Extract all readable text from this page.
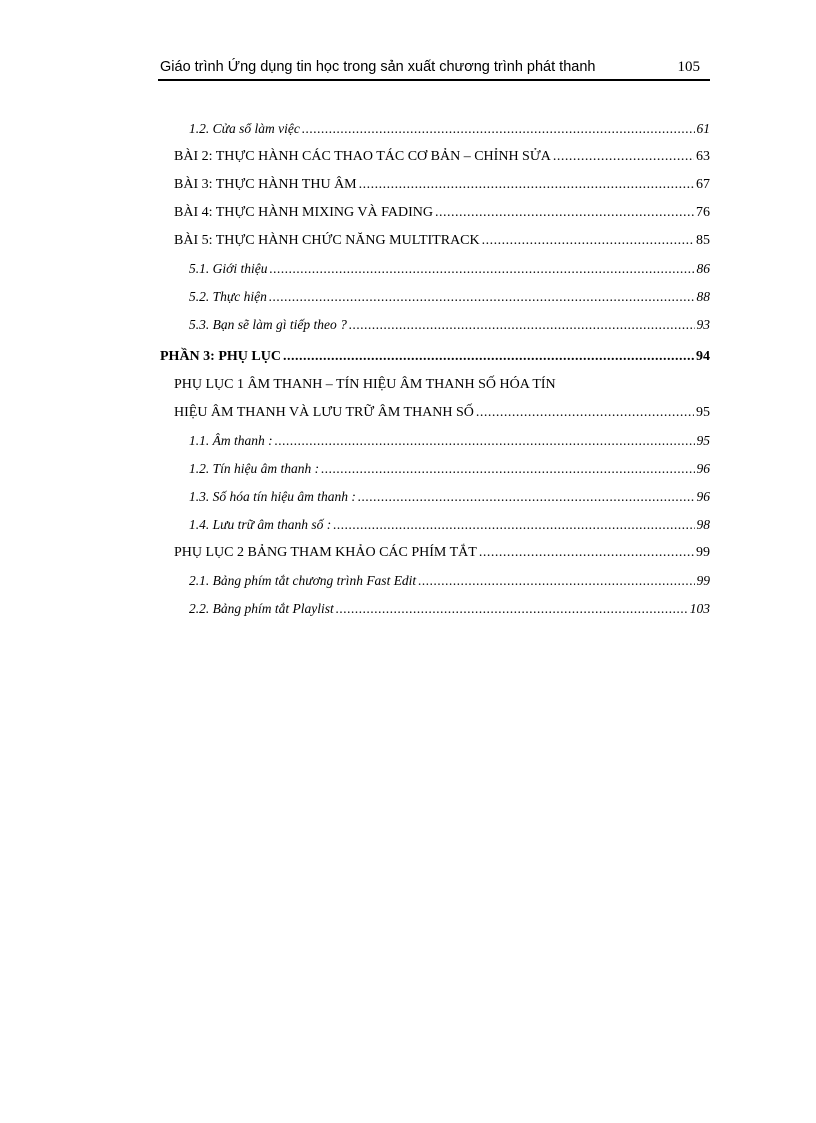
Giáo trình Ứng dụng tin học trong sản xuất chương trình phát thanh	105
1.2. Cửa sổ làm việc .....	61
BÀI 2: THỰC HÀNH CÁC THAO TÁC CƠ BẢN – CHỈNH SỬA .....	63
BÀI 3: THỰC HÀNH THU ÂM .....	67
BÀI 4: THỰC HÀNH MIXING VÀ FADING .....	76
BÀI 5: THỰC HÀNH CHỨC NĂNG MULTITRACK .....	85
5.1. Giới thiệu .....	86
5.2. Thực hiện .....	88
5.3. Bạn sẽ làm gì tiếp theo ? .....	93
PHẦN 3: PHỤ LỤC .....	94
PHỤ LỤC 1 ÂM THANH – TÍN HIỆU ÂM THANH SỐ HÓA TÍN
HIỆU ÂM THANH VÀ LƯU TRỮ ÂM THANH SỐ .....	95
1.1. Âm thanh : .....	95
1.2. Tín hiệu âm thanh : .....	96
1.3. Số hóa tín hiệu âm thanh : .....	96
1.4. Lưu trữ âm thanh số : .....	98
PHỤ LỤC 2 BẢNG THAM KHẢO CÁC PHÍM TẮT .....	99
2.1. Bảng phím tắt chương trình Fast Edit .....	99
2.2. Bảng phím tắt Playlist .....	103
